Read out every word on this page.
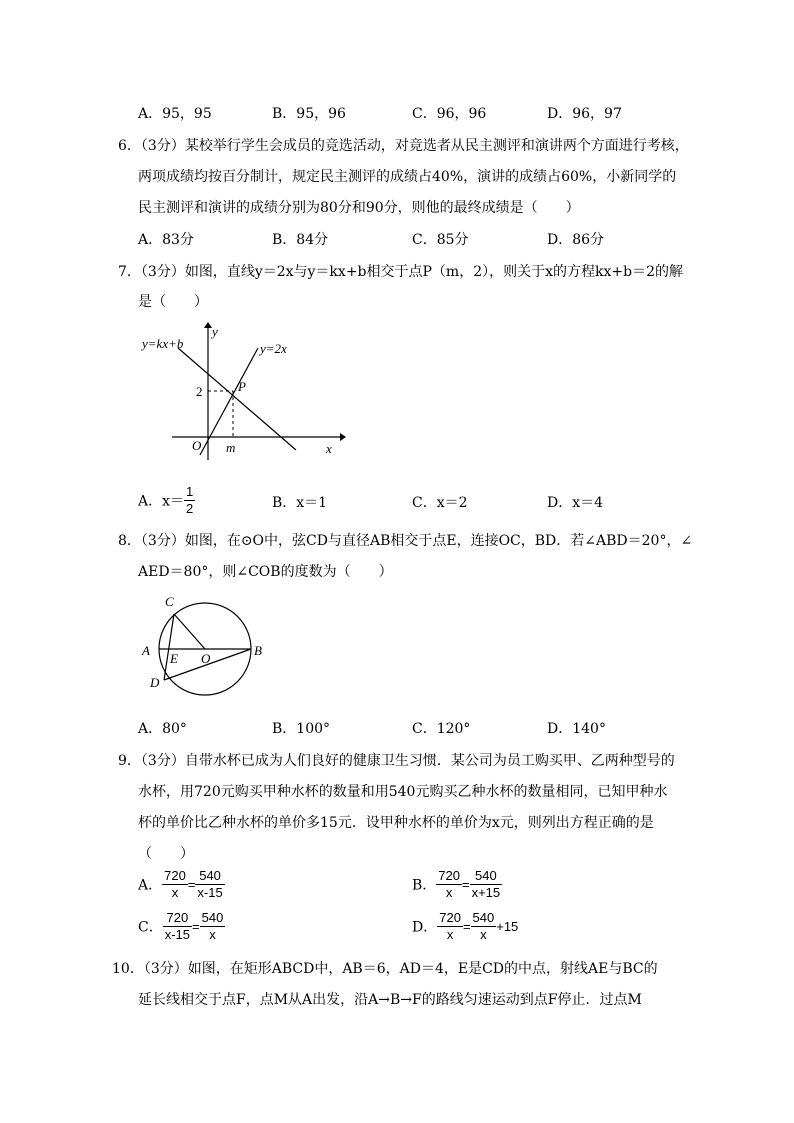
A．95，95	B．95，96	C．96，96	D．96，97
6．（3分）某校举行学生会成员的竞选活动，对竞选者从民主测评和演讲两个方面进行考核，
两项成绩均按百分制计，规定民主测评的成绩占40%，演讲的成绩占60%，小新同学的
民主测评和演讲的成绩分别为80分和90分，则他的最终成绩是（　　）
A．83分	B．84分	C．85分	D．86分
7．（3分）如图，直线y＝2x与y＝kx+b相交于点P（m，2），则关于x的方程kx+b＝2的解
是（　　）
y=kx+b	y=2x
y
x
O m
2	P
A．$x= \frac{1}{2}$	B．x＝1	C．x＝2	D．x＝4
8．（3分）如图，在⊙O中，弦CD与直径AB相交于点E，连接OC，BD．若∠ABD＝20°，∠
AED＝80°，则∠COB的度数为（　　）
C
A	B
D
E O
A．80°	B．100°	C．120°	D．140°
9．（3分）自带水杯已成为人们良好的健康卫生习惯．某公司为员工购买甲、乙两种型号的
水杯，用720元购买甲种水杯的数量和用540元购买乙种水杯的数量相同，已知甲种水
杯的单价比乙种水杯的单价多15元．设甲种水杯的单价为x元，则列出方程正确的是
（　　）
A． $\frac{720}{x} = \frac{540}{x-15}$	B． $\frac{720}{x} = \frac{540}{x+15}$
C． $\frac{720}{x-15} = \frac{540}{x}$	D． $\frac{720}{x} = \frac{540}{x} +15$
10．（3分）如图，在矩形ABCD中，AB＝6，AD＝4，E是CD的中点，射线AE与BC的
延长线相交于点F，点M从A出发，沿A→B→F的路线匀速运动到点F停止．过点M
